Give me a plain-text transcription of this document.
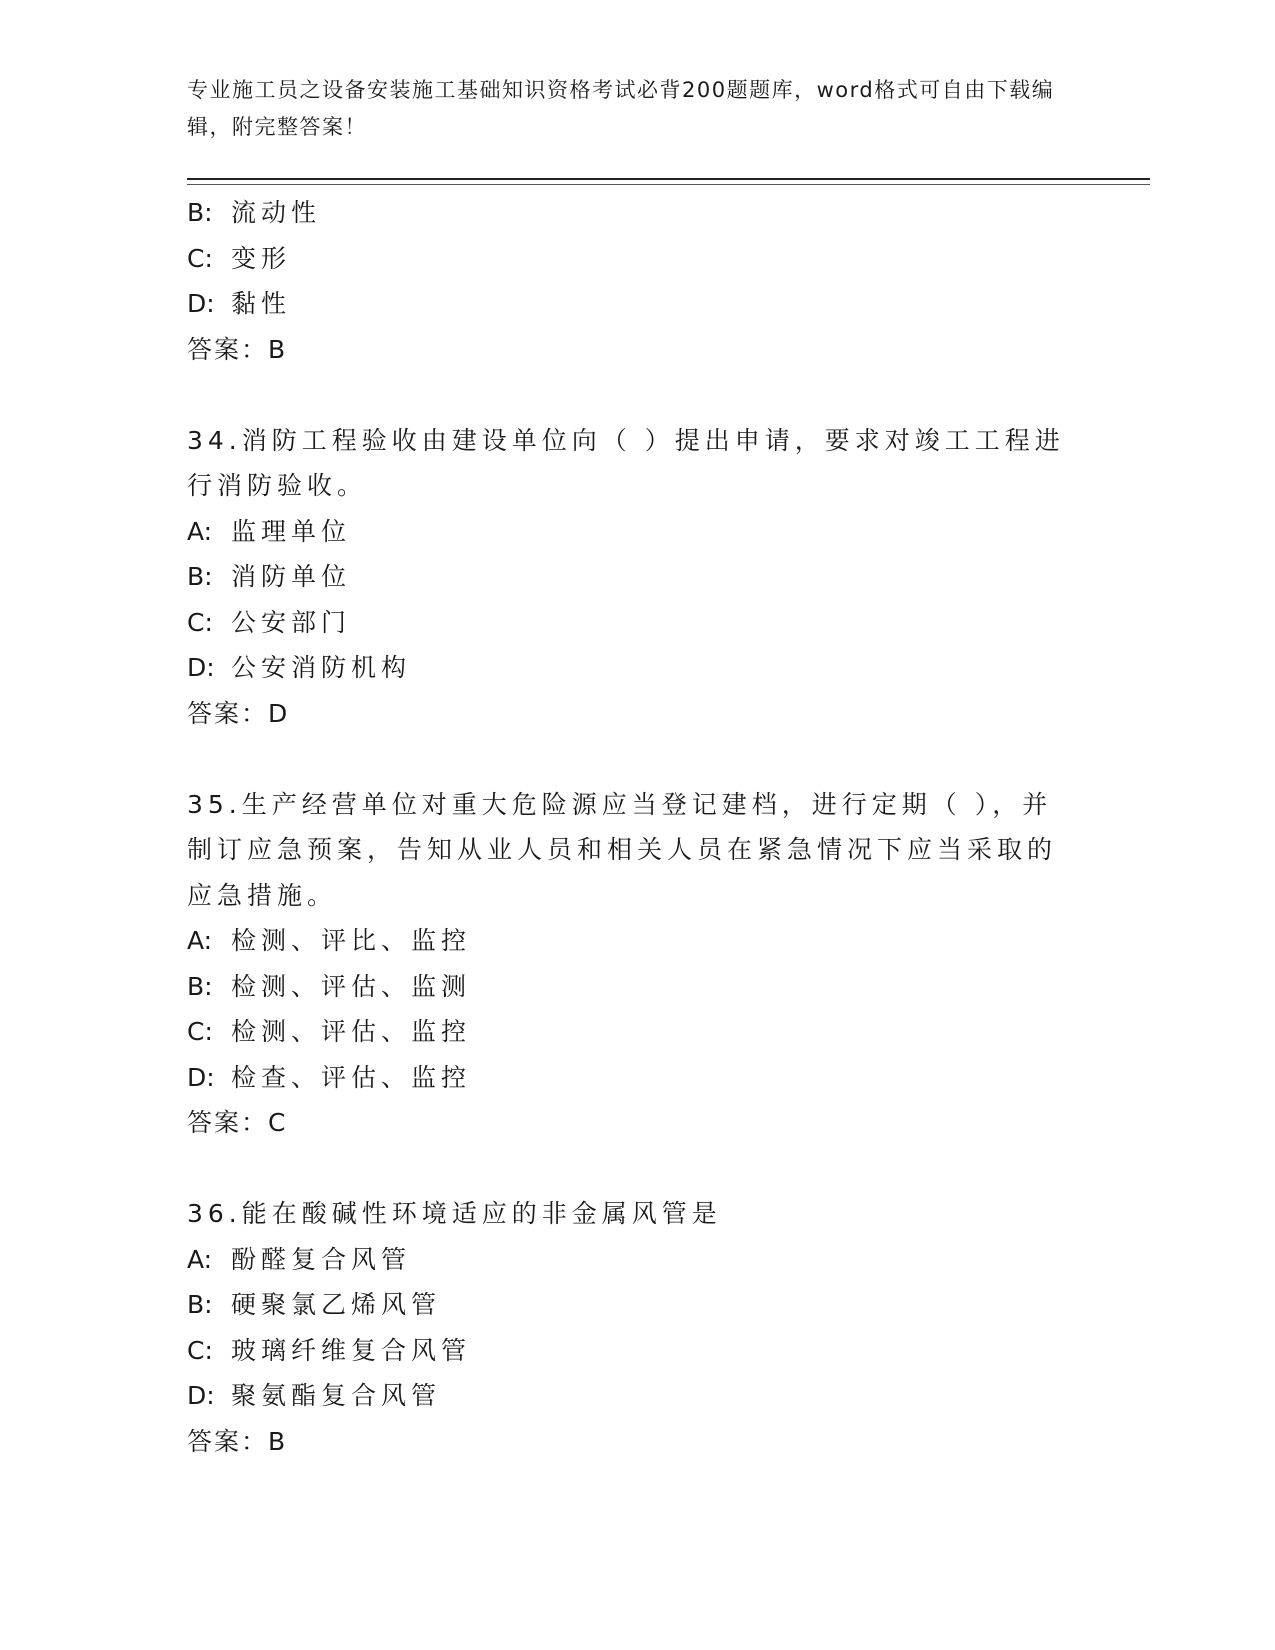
专业施工员之设备安装施工基础知识资格考试必背200题题库，word格式可自由下载编辑，附完整答案！
B: 流动性
C: 变形
D: 黏性
答案：B
34.消防工程验收由建设单位向（ ）提出申请，要求对竣工工程进行消防验收。
A: 监理单位
B: 消防单位
C: 公安部门
D: 公安消防机构
答案：D
35.生产经营单位对重大危险源应当登记建档，进行定期（ ），并制订应急预案，告知从业人员和相关人员在紧急情况下应当采取的应急措施。
A: 检测、评比、监控
B: 检测、评估、监测
C: 检测、评估、监控
D: 检查、评估、监控
答案：C
36.能在酸碱性环境适应的非金属风管是
A: 酚醛复合风管
B: 硬聚氯乙烯风管
C: 玻璃纤维复合风管
D: 聚氨酯复合风管
答案：B
